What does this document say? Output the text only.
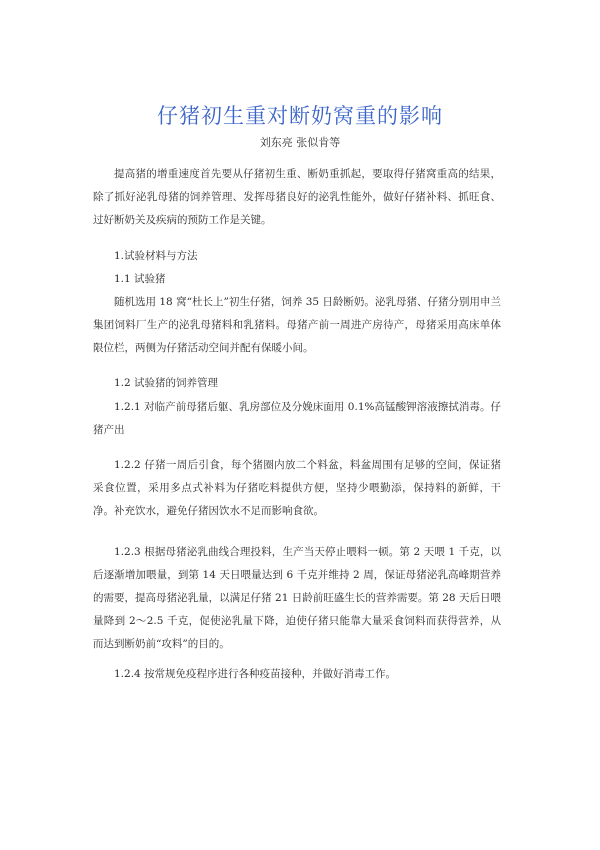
仔猪初生重对断奶窝重的影响

刘东亮 张似肯等

提高猪的增重速度首先要从仔猪初生重、断奶重抓起，要取得仔猪窝重高的结果，除了抓好泌乳母猪的饲养管理、发挥母猪良好的泌乳性能外，做好仔猪补料、抓旺食、过好断奶关及疾病的预防工作是关键。

1.试验材料与方法

1.1 试验猪

随机选用 18 窝“杜长上”初生仔猪，饲养 35 日龄断奶。泌乳母猪、仔猪分别用申兰集团饲料厂生产的泌乳母猪料和乳猪料。母猪产前一周进产房待产，母猪采用高床单体限位栏，两侧为仔猪活动空间并配有保暖小间。

1.2 试验猪的饲养管理

1.2.1 对临产前母猪后躯、乳房部位及分娩床面用 0.1%高锰酸钾溶液擦拭消毒。仔猪产出

1.2.2 仔猪一周后引食，每个猪圈内放二个料盆，料盆周围有足够的空间，保证猪采食位置，采用多点式补料为仔猪吃料提供方便，坚持少喂勤添，保持料的新鲜，干净。补充饮水，避免仔猪因饮水不足而影响食欲。

1.2.3 根据母猪泌乳曲线合理投料，生产当天停止喂料一顿。第 2 天喂 1 千克，以后逐渐增加喂量，到第 14 天日喂量达到 6 千克并维持 2 周，保证母猪泌乳高峰期营养的需要，提高母猪泌乳量，以满足仔猪 21 日龄前旺盛生长的营养需要。第 28 天后日喂量降到 2～2.5 千克，促使泌乳量下降，迫使仔猪只能靠大量采食饲料而获得营养，从而达到断奶前“攻料”的目的。

1.2.4 按常规免疫程序进行各种疫苗接种，并做好消毒工作。
